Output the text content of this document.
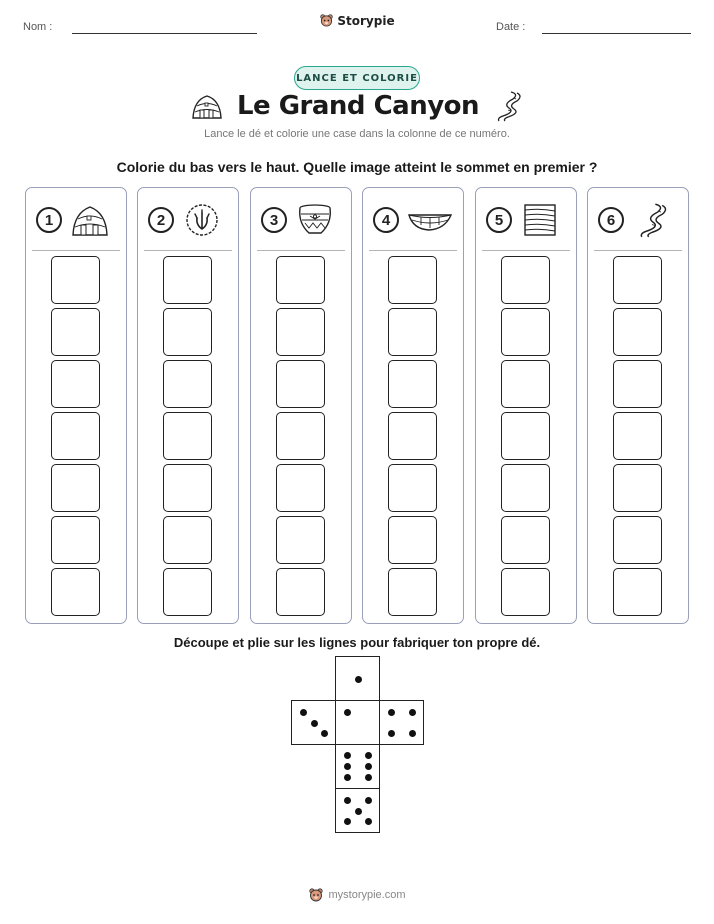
Nom :	Storypie	Date :
LANCE ET COLORIE
Le Grand Canyon
Lance le dé et colorie une case dans la colonne de ce numéro.
Colorie du bas vers le haut. Quelle image atteint le sommet en premier ?
1	2	3	4	5	6
Découpe et plie sur les lignes pour fabriquer ton propre dé.
mystorypie.com
